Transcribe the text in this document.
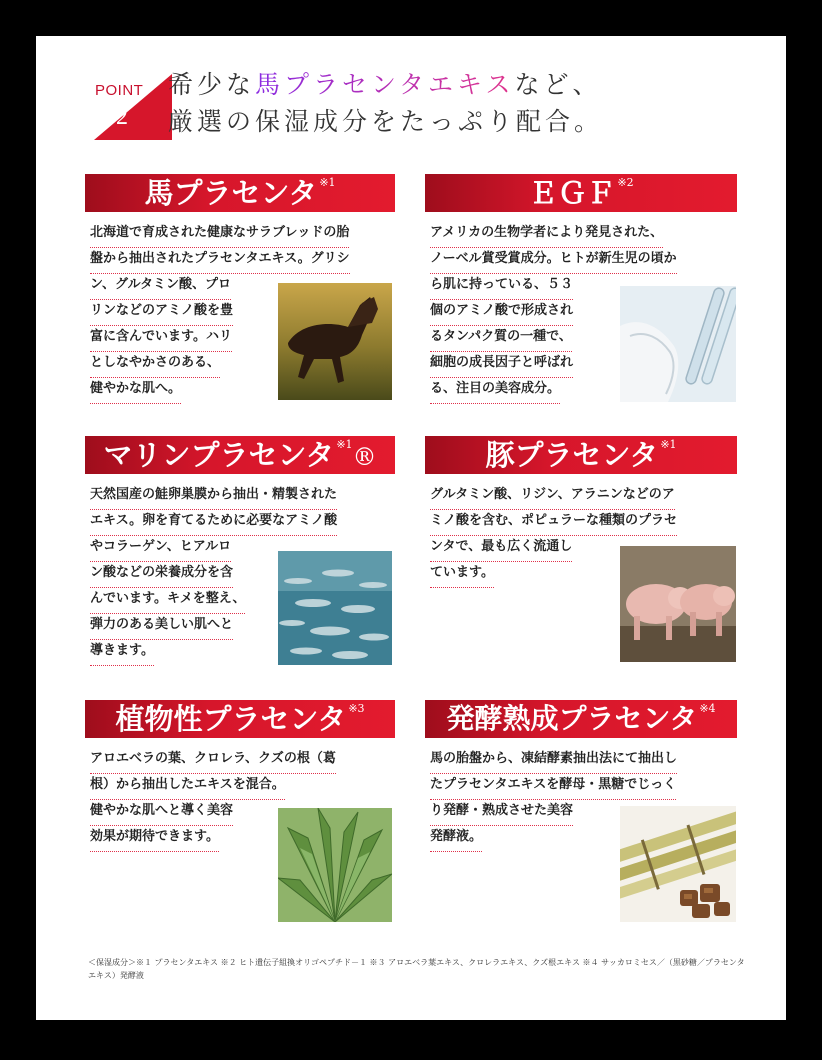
POINT
02
希少な馬プラセンタエキスなど、
厳選の保湿成分をたっぷり配合。
馬プラセンタ $^{※1}$
北海道で育成された健康なサラブレッドの胎
盤から抽出されたプラセンタエキス。グリシ
ン、グルタミン酸、プロ
リンなどのアミノ酸を豊
富に含んでいます。ハリ
としなやかさのある、
健やかな肌へ。
ＥＧＦ $^{※2}$
アメリカの生物学者により発見された、
ノーベル賞受賞成分。ヒトが新生児の頃か
ら肌に持っている、５３
個のアミノ酸で形成され
るタンパク質の一種で、
細胞の成長因子と呼ばれ
る、注目の美容成分。
マリンプラセンタ $^{※1}$®
天然国産の鮭卵巣膜から抽出・精製された
エキス。卵を育てるために必要なアミノ酸
やコラーゲン、ヒアルロ
ン酸などの栄養成分を含
んでいます。キメを整え、
弾力のある美しい肌へと
導きます。
豚プラセンタ $^{※1}$
グルタミン酸、リジン、アラニンなどのア
ミノ酸を含む、ポピュラーな種類のプラセ
ンタで、最も広く流通し
ています。
植物性プラセンタ $^{※3}$
アロエベラの葉、クロレラ、クズの根（葛
根）から抽出したエキスを混合。
健やかな肌へと導く美容
効果が期待できます。
発酵熟成プラセンタ $^{※4}$
馬の胎盤から、凍結酵素抽出法にて抽出し
たプラセンタエキスを酵母・黒糖でじっく
り発酵・熟成させた美容
発酵液。
＜保湿成分＞※１ プラセンタエキス ※２ ヒト遺伝子組換オリゴペプチド－１ ※３ アロエベラ葉エキス、クロレラエキス、クズ根エキス ※４ サッカロミセス／（黒砂糖／プラセンタエキス）発酵液
